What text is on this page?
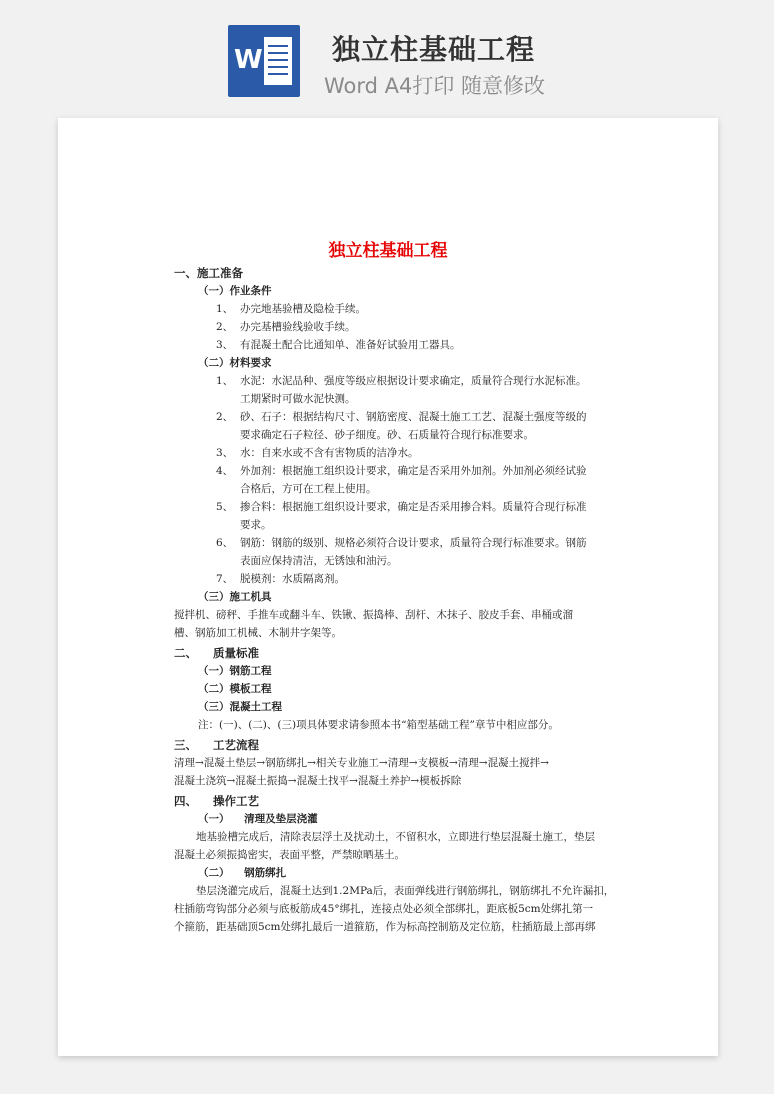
W 独立柱基础工程
Word A4打印 随意修改
独立柱基础工程
一、施工准备
（一）作业条件
1、 办完地基验槽及隐检手续。
2、 办完基槽验线验收手续。
3、 有混凝土配合比通知单、准备好试验用工器具。
（二）材料要求
1、 水泥：水泥品种、强度等级应根据设计要求确定，质量符合现行水泥标准。
工期紧时可做水泥快测。
2、 砂、石子：根据结构尺寸、钢筋密度、混凝土施工工艺、混凝土强度等级的
要求确定石子粒径、砂子细度。砂、石质量符合现行标准要求。
3、 水：自来水或不含有害物质的洁净水。
4、 外加剂：根据施工组织设计要求，确定是否采用外加剂。外加剂必须经试验
合格后，方可在工程上使用。
5、 掺合料：根据施工组织设计要求，确定是否采用掺合料。质量符合现行标准
要求。
6、 钢筋：钢筋的级别、规格必须符合设计要求，质量符合现行标准要求。钢筋
表面应保持清洁，无锈蚀和油污。
7、 脱模剂：水质隔离剂。
（三）施工机具
搅拌机、磅秤、手推车或翻斗车、铁锹、振捣棒、刮杆、木抹子、胶皮手套、串桶或溜
槽、钢筋加工机械、木制井字架等。
二、    质量标准
（一）钢筋工程
（二）模板工程
（三）混凝土工程
注：(一)、(二)、(三)项具体要求请参照本书“箱型基础工程”章节中相应部分。
三、    工艺流程
清理→混凝土垫层→钢筋绑扎→相关专业施工→清理→支模板→清理→混凝土搅拌→
混凝土浇筑→混凝土振捣→混凝土找平→混凝土养护→模板拆除
四、    操作工艺
（一）    清理及垫层浇灌
地基验槽完成后，清除表层浮土及扰动土，不留积水，立即进行垫层混凝土施工，垫层
混凝土必须振捣密实，表面平整，严禁晾晒基土。
（二）    钢筋绑扎
垫层浇灌完成后，混凝土达到1.2MPa后，表面弹线进行钢筋绑扎，钢筋绑扎不允许漏扣，
柱插筋弯钩部分必须与底板筋成45°绑扎，连接点处必须全部绑扎，距底板5cm处绑扎第一
个箍筋，距基础顶5cm处绑扎最后一道箍筋，作为标高控制筋及定位筋，柱插筋最上部再绑
